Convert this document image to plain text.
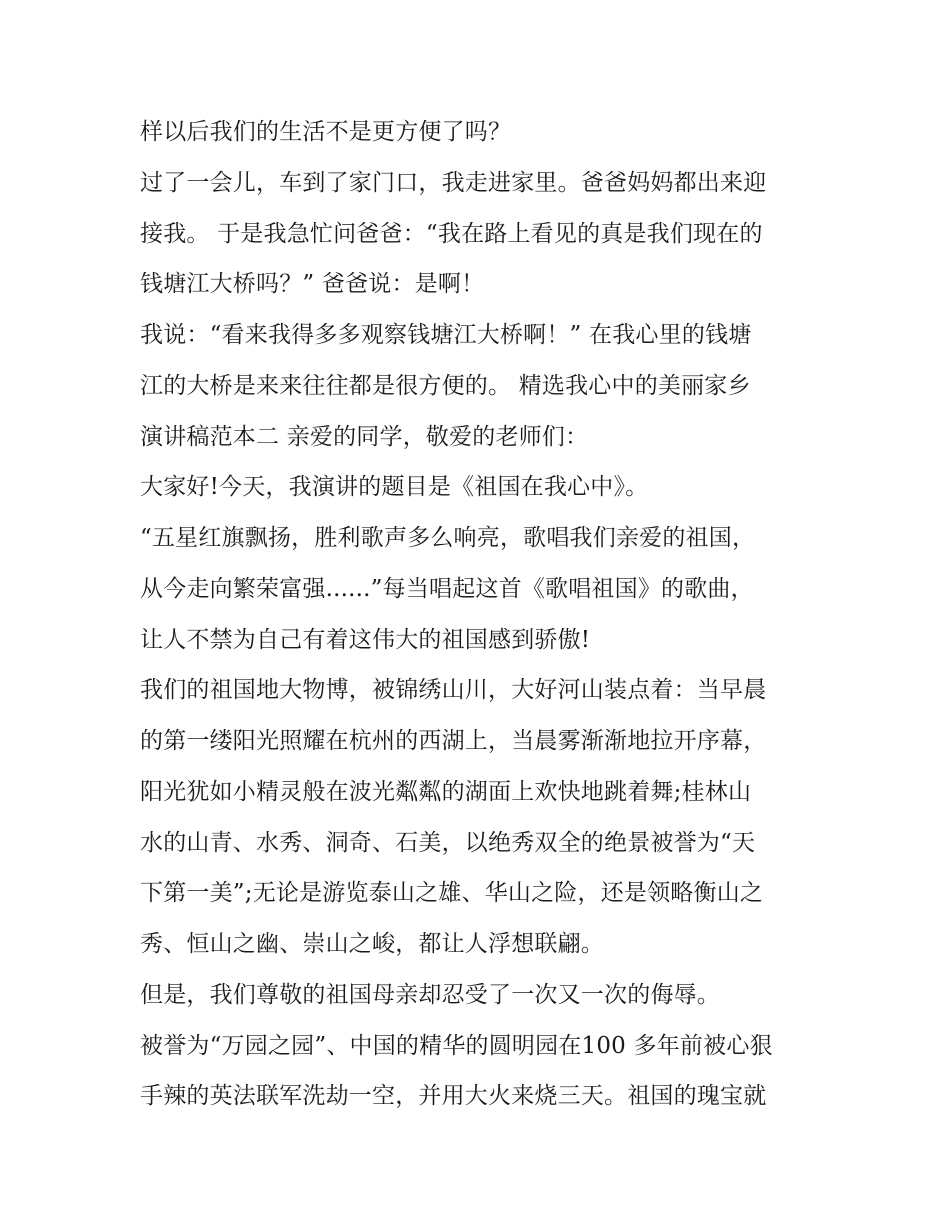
样以后我们的生活不是更方便了吗？
过了一会儿，车到了家门口，我走进家里。爸爸妈妈都出来迎
接我。 于是我急忙问爸爸：“我在路上看见的真是我们现在的
钱塘江大桥吗？” 爸爸说：是啊！
我说：“看来我得多多观察钱塘江大桥啊！” 在我心里的钱塘
江的大桥是来来往往都是很方便的。 精选我心中的美丽家乡
演讲稿范本二 亲爱的同学，敬爱的老师们：
大家好!今天，我演讲的题目是《祖国在我心中》。
“五星红旗飘扬，胜利歌声多么响亮，歌唱我们亲爱的祖国，
从今走向繁荣富强......”每当唱起这首《歌唱祖国》的歌曲，
让人不禁为自己有着这伟大的祖国感到骄傲!
我们的祖国地大物博，被锦绣山川，大好河山装点着：当早晨
的第一缕阳光照耀在杭州的西湖上，当晨雾渐渐地拉开序幕，
阳光犹如小精灵般在波光粼粼的湖面上欢快地跳着舞;桂林山
水的山青、水秀、洞奇、石美，以绝秀双全的绝景被誉为“天
下第一美”;无论是游览泰山之雄、华山之险，还是领略衡山之
秀、恒山之幽、崇山之峻，都让人浮想联翩。
但是，我们尊敬的祖国母亲却忍受了一次又一次的侮辱。
被誉为“万园之园”、中国的精华的圆明园在100 多年前被心狠
手辣的英法联军洗劫一空，并用大火来烧三天。祖国的瑰宝就
